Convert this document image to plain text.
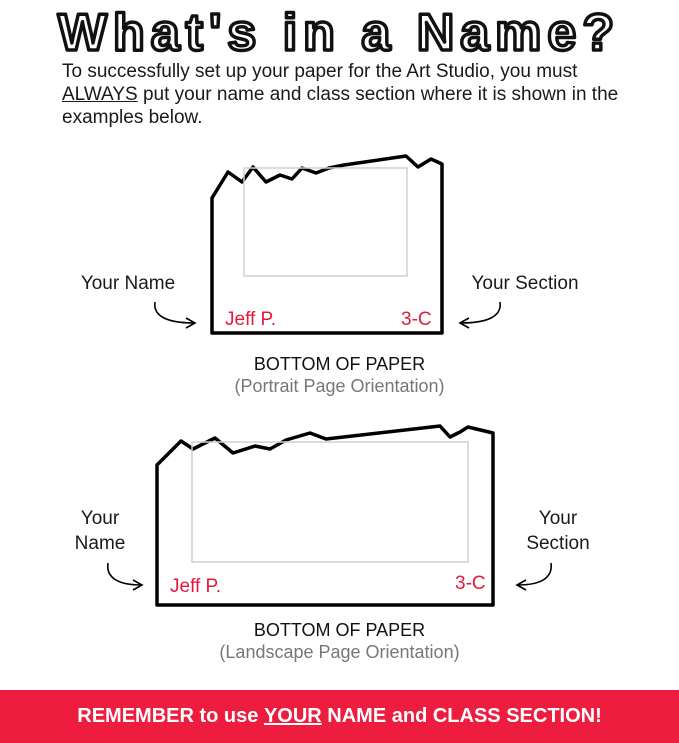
What's in a Name?
To successfully set up your paper for the Art Studio, you must ALWAYS put your name and class section where it is shown in the examples below.
Your Name	Your Section
Jeff P.	3-C
BOTTOM OF PAPER
(Portrait Page Orientation)
Your
Name
Your
Section
Jeff P.	3-C
BOTTOM OF PAPER
(Landscape Page Orientation)
REMEMBER to use
YOUR
NAME and CLASS SECTION!
